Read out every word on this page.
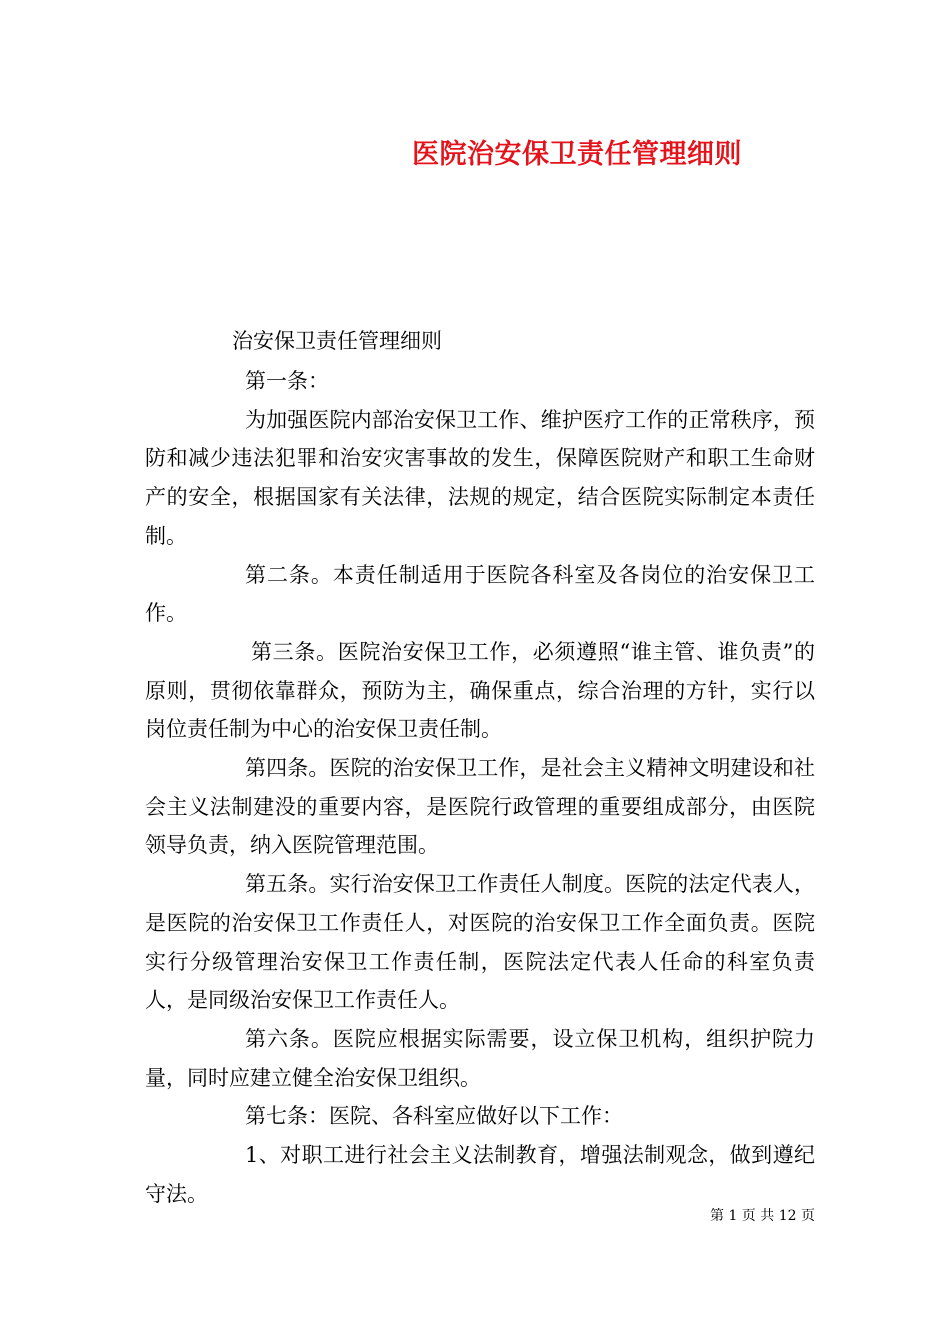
医院治安保卫责任管理细则
治安保卫责任管理细则

第一条：

为加强医院内部治安保卫工作、维护医疗工作的正常秩序，预防和减少违法犯罪和治安灾害事故的发生，保障医院财产和职工生命财产的安全，根据国家有关法律，法规的规定，结合医院实际制定本责任制。

第二条。本责任制适用于医院各科室及各岗位的治安保卫工作。

第三条。医院治安保卫工作，必须遵照“谁主管、谁负责”的原则，贯彻依靠群众，预防为主，确保重点，综合治理的方针，实行以岗位责任制为中心的治安保卫责任制。

第四条。医院的治安保卫工作，是社会主义精神文明建设和社会主义法制建没的重要内容，是医院行政管理的重要组成部分，由医院领导负责，纳入医院管理范围。

第五条。实行治安保卫工作责任人制度。医院的法定代表人，是医院的治安保卫工作责任人，对医院的治安保卫工作全面负责。医院实行分级管理治安保卫工作责任制，医院法定代表人任命的科室负责人，是同级治安保卫工作责任人。

第六条。医院应根据实际需要，设立保卫机构，组织护院力量，同时应建立健全治安保卫组织。

第七条：医院、各科室应做好以下工作：

1、对职工进行社会主义法制教育，增强法制观念，做到遵纪守法。

第 1 页 共 12 页
